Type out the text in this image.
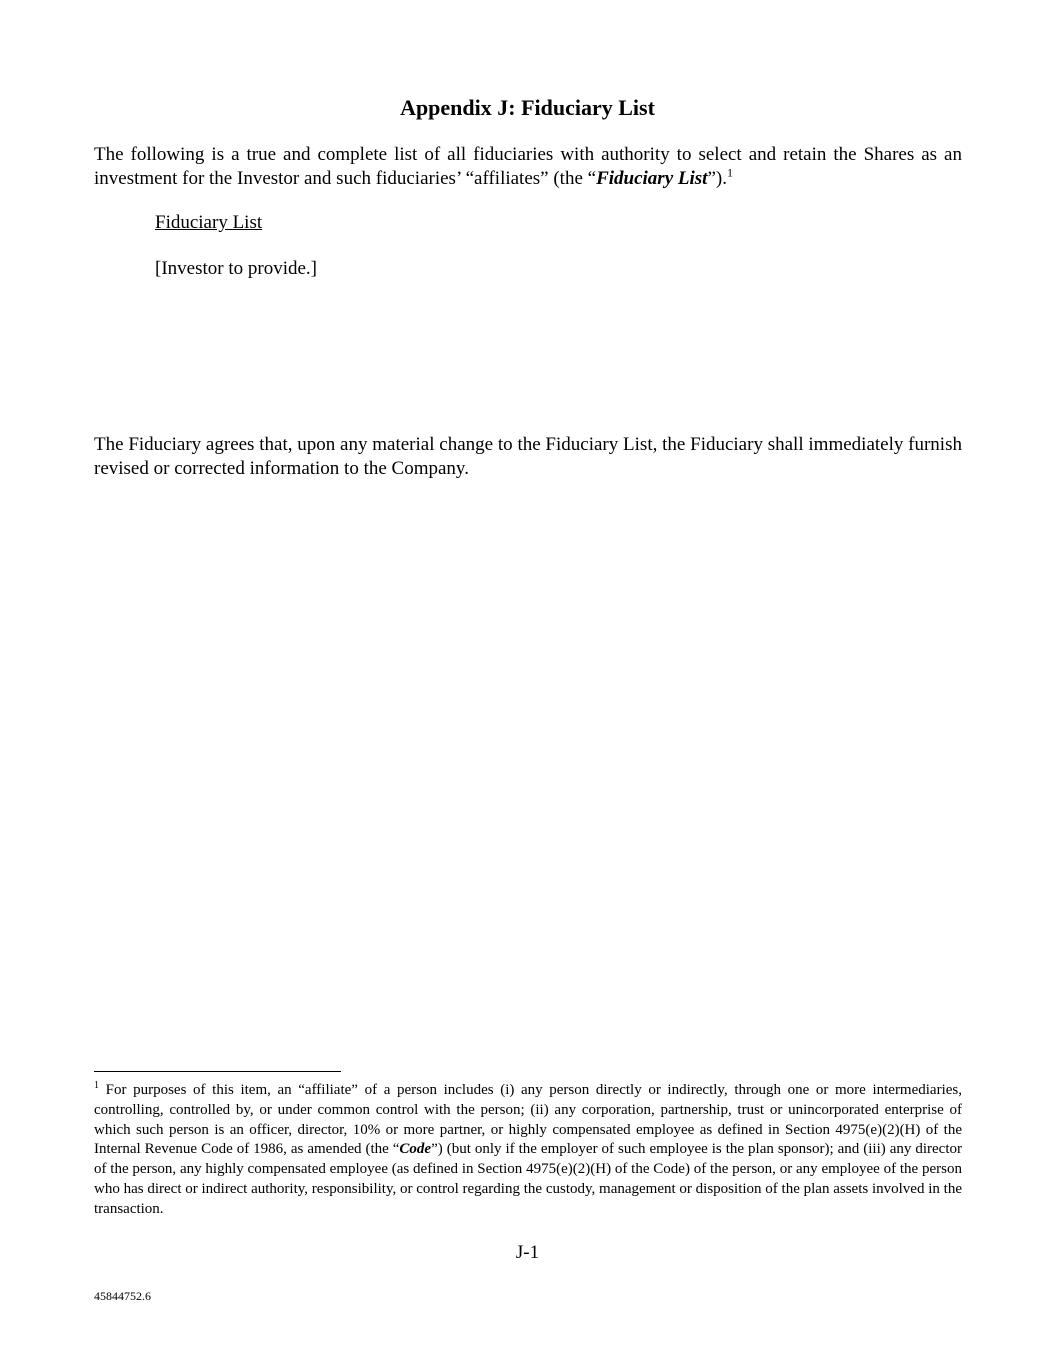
Appendix J: Fiduciary List
The following is a true and complete list of all fiduciaries with authority to select and retain the Shares as an investment for the Investor and such fiduciaries’ “affiliates” (the “Fiduciary List”).$^1$
Fiduciary List
[Investor to provide.]
The Fiduciary agrees that, upon any material change to the Fiduciary List, the Fiduciary shall immediately furnish revised or corrected information to the Company.
$^1$ For purposes of this item, an “affiliate” of a person includes (i) any person directly or indirectly, through one or more intermediaries, controlling, controlled by, or under common control with the person; (ii) any corporation, partnership, trust or unincorporated enterprise of which such person is an officer, director, 10% or more partner, or highly compensated employee as defined in Section 4975(e)(2)(H) of the Internal Revenue Code of 1986, as amended (the “Code”) (but only if the employer of such employee is the plan sponsor); and (iii) any director of the person, any highly compensated employee (as defined in Section 4975(e)(2)(H) of the Code) of the person, or any employee of the person who has direct or indirect authority, responsibility, or control regarding the custody, management or disposition of the plan assets involved in the transaction.
J-1
45844752.6
